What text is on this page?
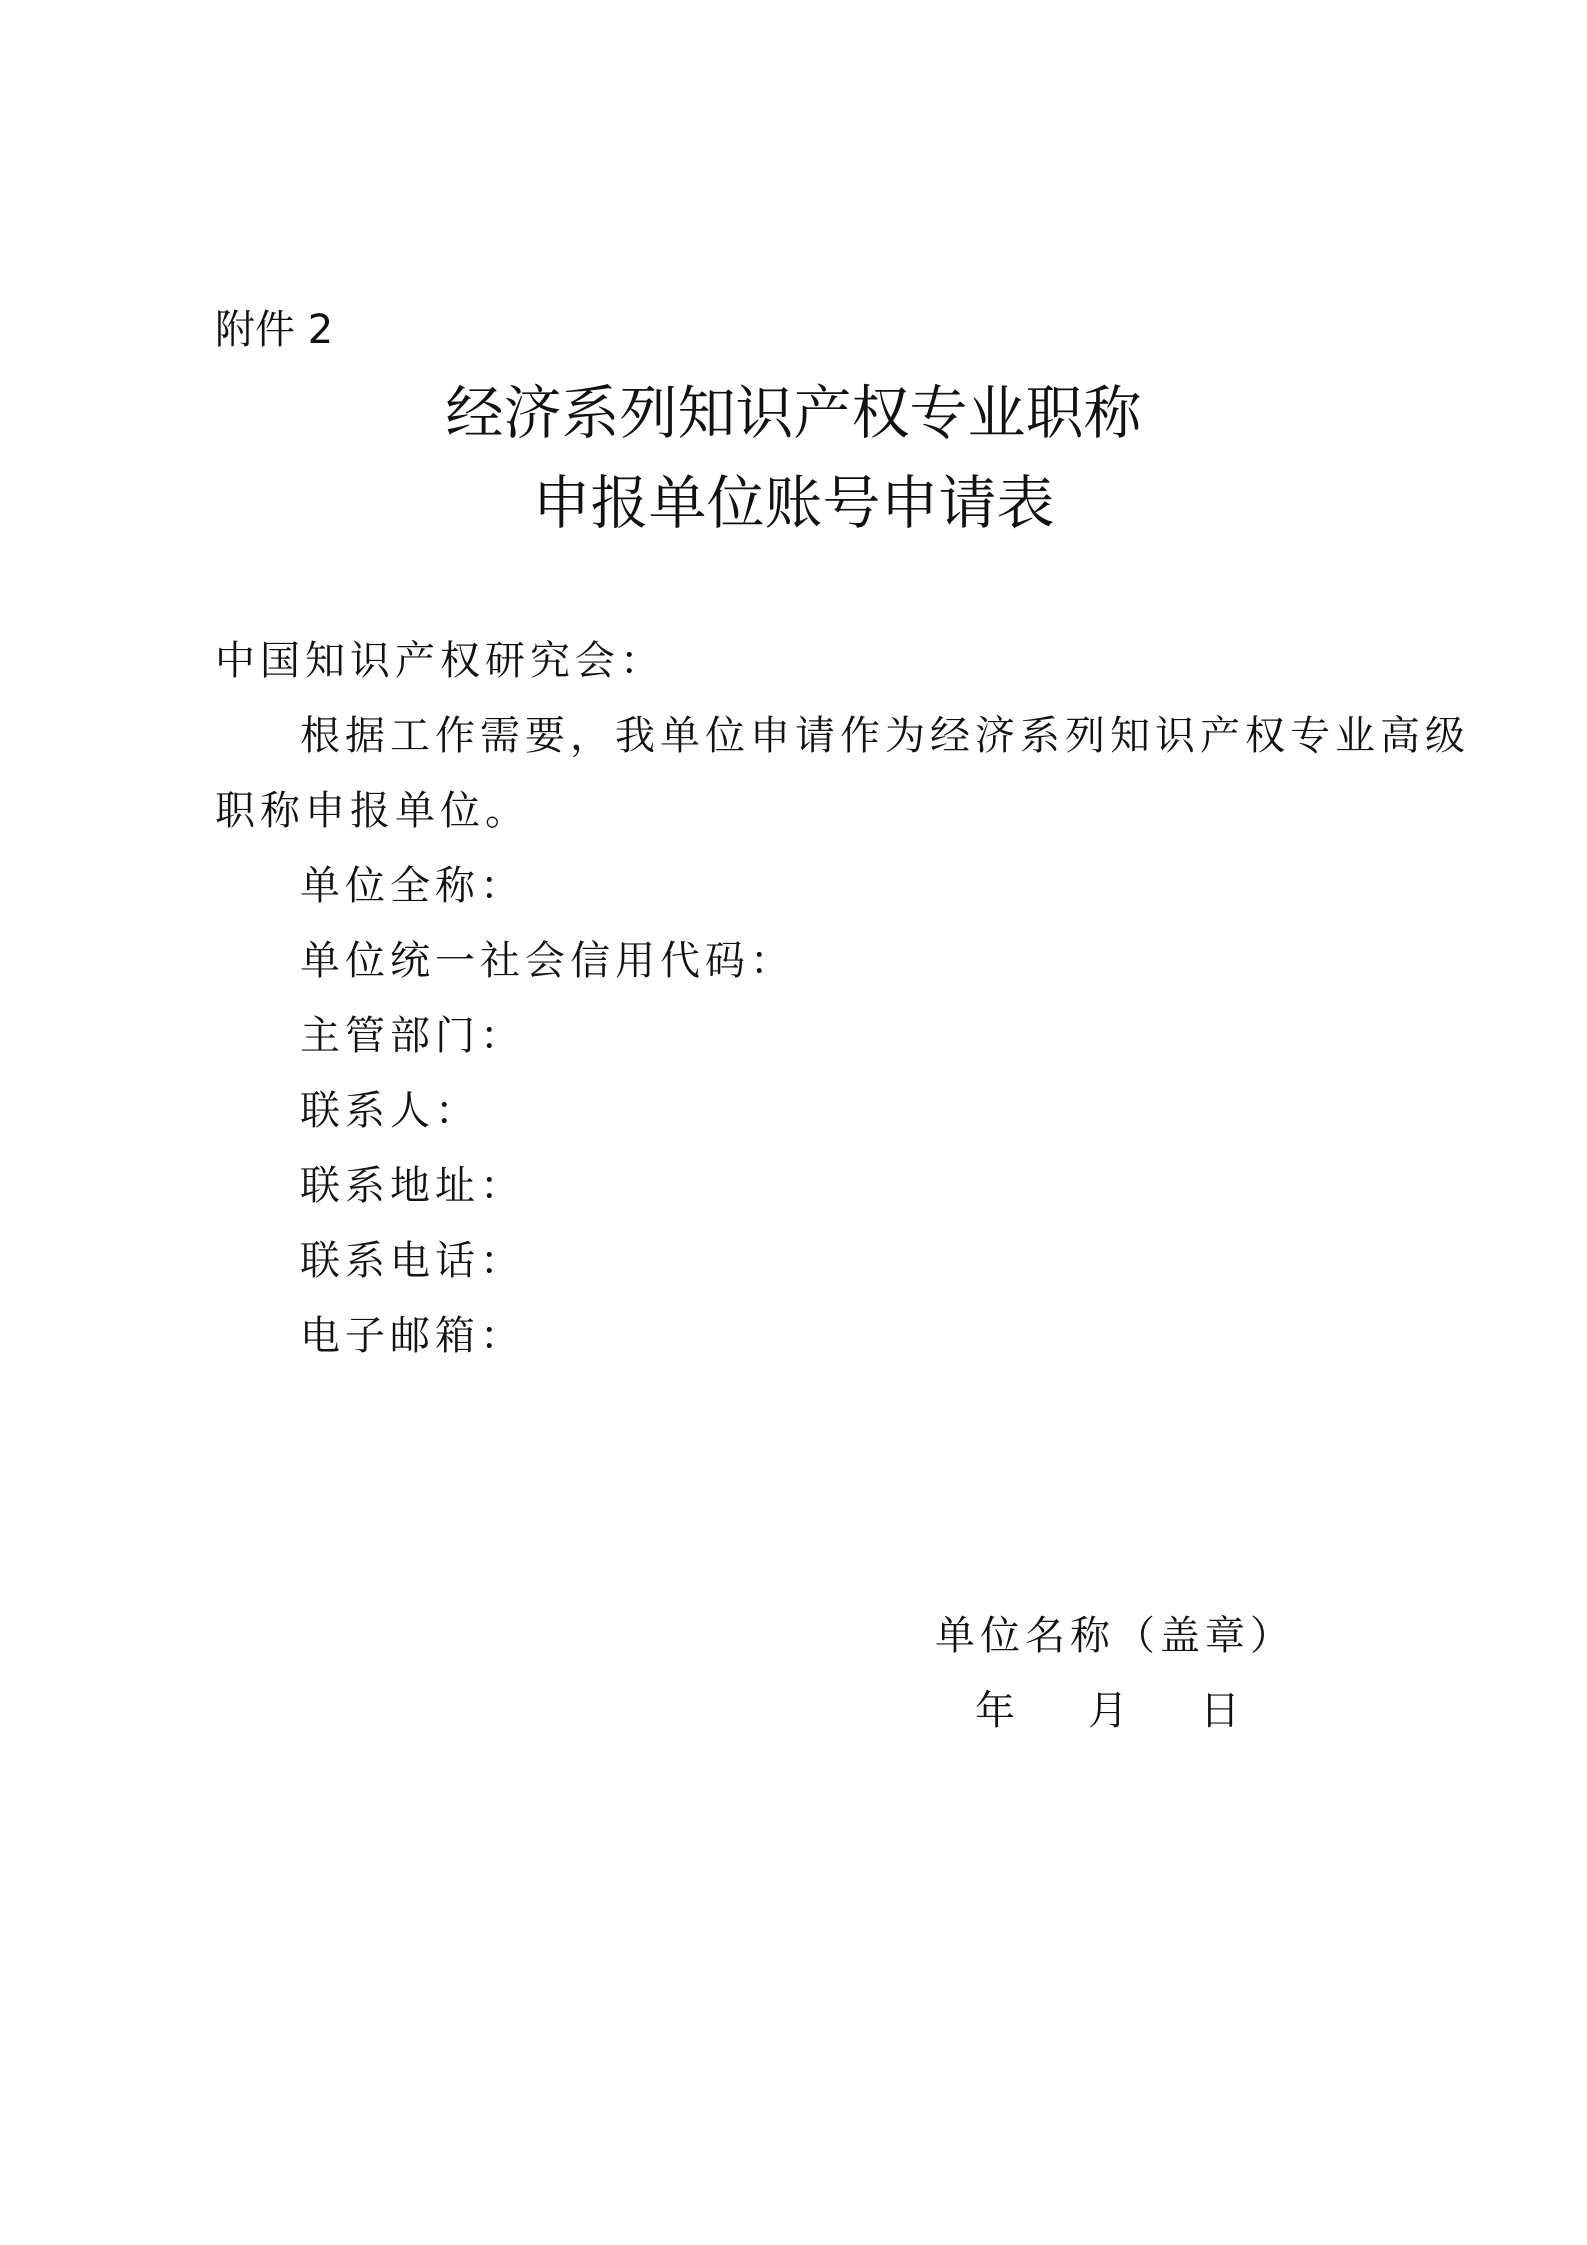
附件 2
经济系列知识产权专业职称
申报单位账号申请表
中国知识产权研究会：
根据工作需要，我单位申请作为经济系列知识产权专业高级
职称申报单位。
单位全称：
单位统一社会信用代码：
主管部门：
联系人：
联系地址：
联系电话：
电子邮箱：
单位名称（盖章）
年 月 日
